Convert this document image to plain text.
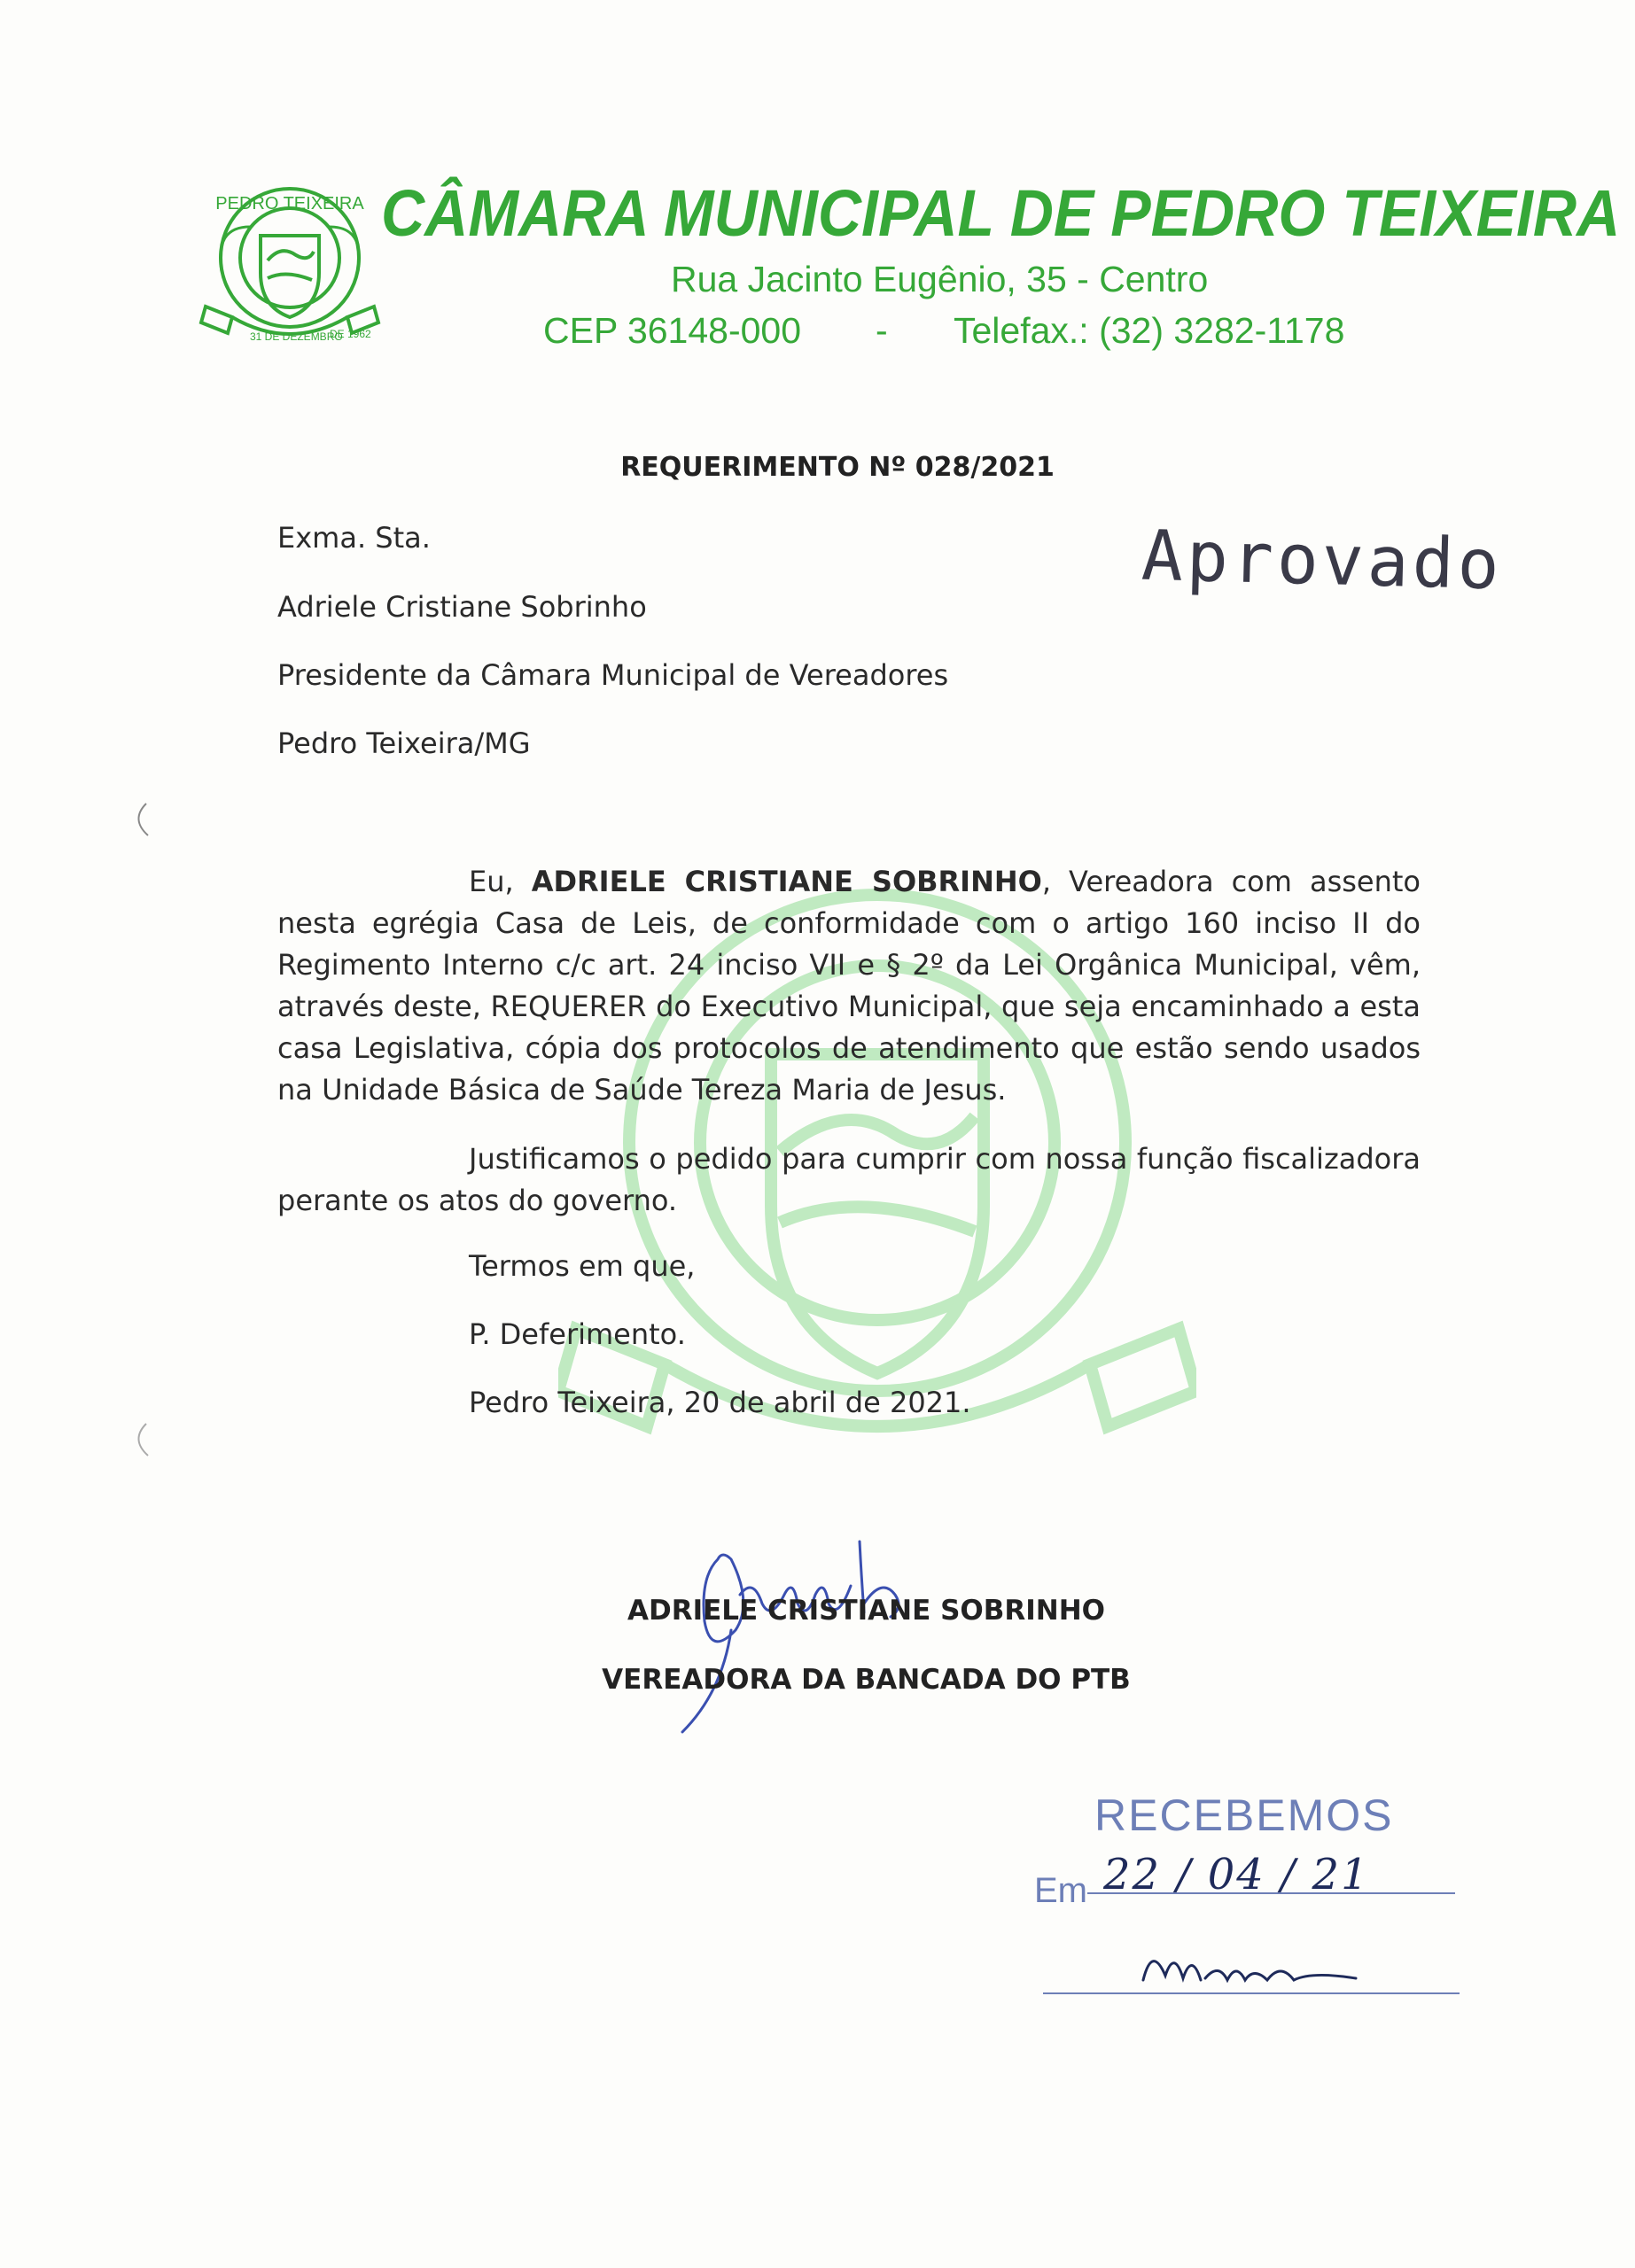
PEDRO TEIXEIRA
31 DE DEZEMBRO
DE 1962
CÂMARA MUNICIPAL DE PEDRO TEIXEIRA
Rua Jacinto Eugênio, 35 - Centro
CEP 36148-000 - Telefax.: (32) 3282-1178
REQUERIMENTO Nº 028/2021
Exma. Sta.
Adriele Cristiane Sobrinho
Presidente da Câmara Municipal de Vereadores
Pedro Teixeira/MG
Aprovado
Eu, ADRIELE CRISTIANE SOBRINHO, Vereadora com assento nesta egrégia Casa de Leis, de conformidade com o artigo 160 inciso II do Regimento Interno c/c art. 24 inciso VII e § 2º da Lei Orgânica Municipal, vêm, através deste, REQUERER do Executivo Municipal, que seja encaminhado a esta casa Legislativa, cópia dos protocolos de atendimento que estão sendo usados na Unidade Básica de Saúde Tereza Maria de Jesus.
Justificamos o pedido para cumprir com nossa função fiscalizadora perante os atos do governo.
Termos em que,
P. Deferimento.
Pedro Teixeira, 20 de abril de 2021.
ADRIELE CRISTIANE SOBRINHO
VEREADORA DA BANCADA DO PTB
RECEBEMOS
Em 22 / 04 / 21
